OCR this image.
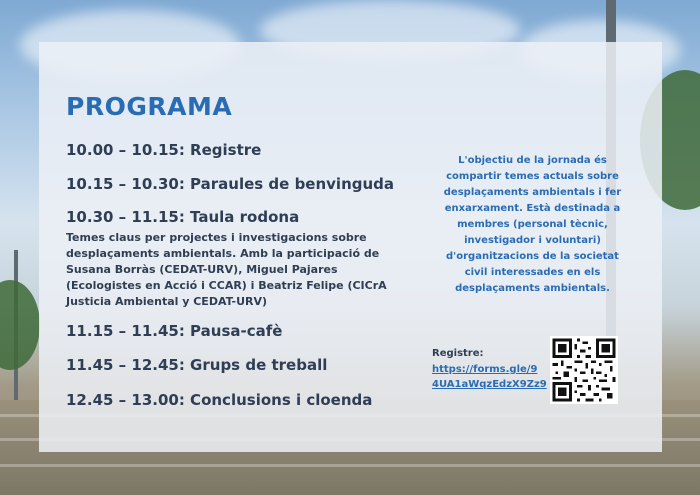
PROGRAMA
10.00 – 10.15: Registre
10.15 – 10.30: Paraules de benvinguda
10.30 – 11.15: Taula rodona
Temes claus per projectes i investigacions sobre
desplaçaments ambientals. Amb la participació de
Susana Borràs (CEDAT-URV), Miguel Pajares
(Ecologistes en Acció i CCAR) i Beatriz Felipe (CICrA
Justicia Ambiental y CEDAT-URV)
11.15 – 11.45: Pausa-cafè
11.45 – 12.45: Grups de treball
12.45 – 13.00: Conclusions i cloenda
L'objectiu de la jornada és
compartir temes actuals sobre
desplaçaments ambientals i fer
enxarxament. Està destinada a
membres (personal tècnic,
investigador i voluntari)
d'organitzacions de la societat
civil interessades en els
desplaçaments ambientals.
Registre:
https://forms.gle/9
4UA1aWqzEdzX9Zz9
